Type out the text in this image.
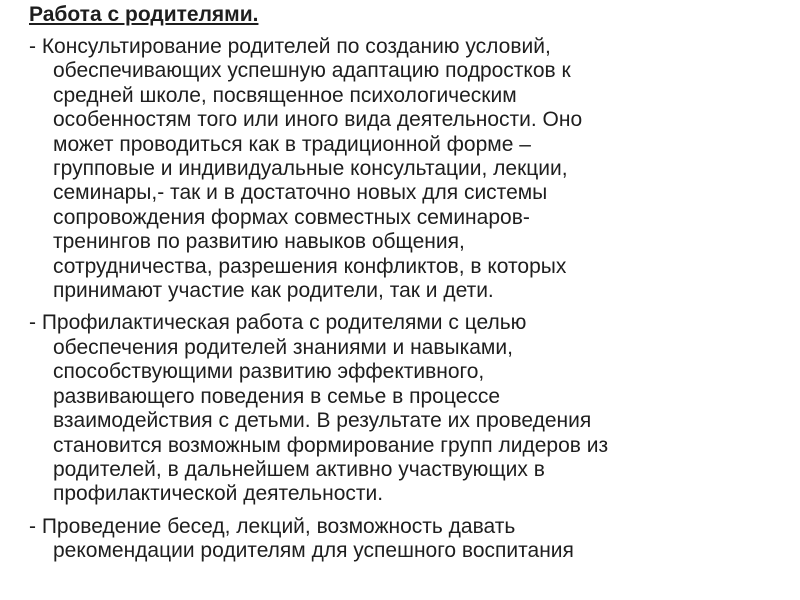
Работа с родителями.
- Консультирование родителей по созданию условий,
обеспечивающих успешную адаптацию подростков к
средней школе, посвященное психологическим
особенностям того или иного вида деятельности. Оно
может проводиться как в традиционной форме –
групповые и индивидуальные консультации, лекции,
семинары,- так и в достаточно новых для системы
сопровождения формах совместных семинаров-
тренингов по развитию навыков общения,
сотрудничества, разрешения конфликтов, в которых
принимают участие как родители, так и дети.
- Профилактическая работа с родителями с целью
обеспечения родителей знаниями и навыками,
способствующими развитию эффективного,
развивающего поведения в семье в процессе
взаимодействия с детьми. В результате их проведения
становится возможным формирование групп лидеров из
родителей, в дальнейшем активно участвующих в
профилактической деятельности.
- Проведение бесед, лекций, возможность давать
рекомендации родителям для успешного воспитания
